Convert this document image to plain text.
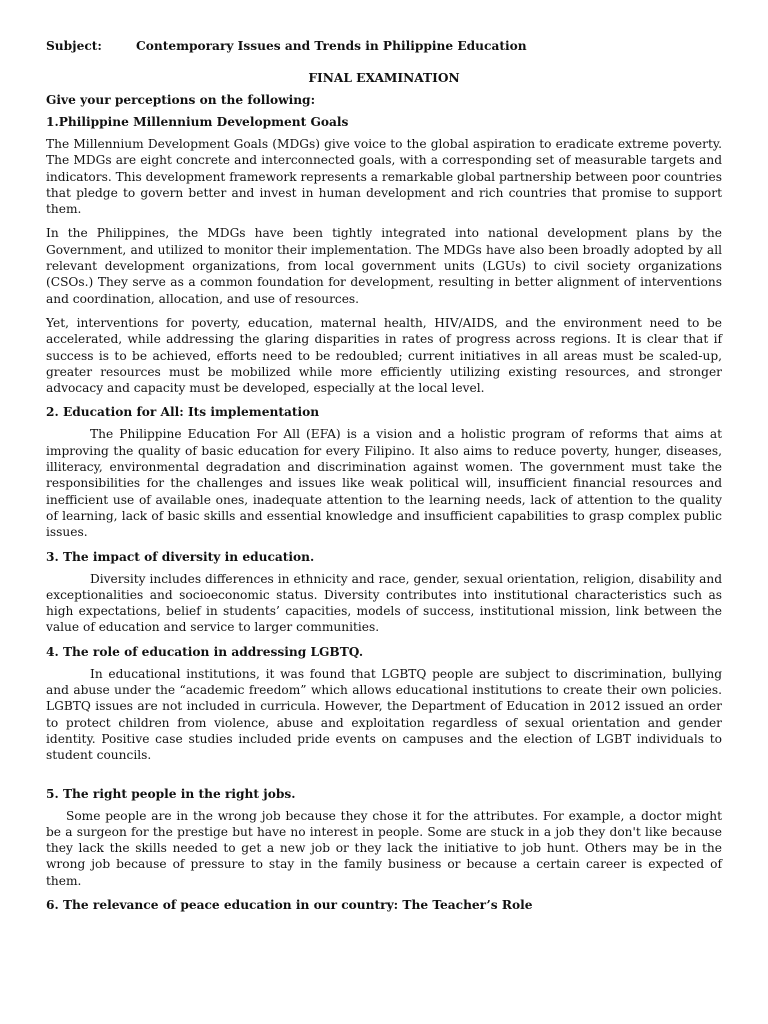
Subject:	Contemporary Issues and Trends in Philippine Education
FINAL EXAMINATION
Give your perceptions on the following:
1.Philippine Millennium Development Goals

The Millennium Development Goals (MDGs) give voice to the global aspiration to eradicate extreme poverty. The MDGs are eight concrete and interconnected goals, with a corresponding set of measurable targets and indicators. This development framework represents a remarkable global partnership between poor countries that pledge to govern better and invest in human development and rich countries that promise to support them.

In the Philippines, the MDGs have been tightly integrated into national development plans by the Government, and utilized to monitor their implementation. The MDGs have also been broadly adopted by all relevant development organizations, from local government units (LGUs) to civil society organizations (CSOs.) They serve as a common foundation for development, resulting in better alignment of interventions and coordination, allocation, and use of resources.

Yet, interventions for poverty, education, maternal health, HIV/AIDS, and the environment need to be accelerated, while addressing the glaring disparities in rates of progress across regions. It is clear that if success is to be achieved, efforts need to be redoubled; current initiatives in all areas must be scaled-up, greater resources must be mobilized while more efficiently utilizing existing resources, and stronger advocacy and capacity must be developed, especially at the local level.

2. Education for All: Its implementation

The Philippine Education For All (EFA) is a vision and a holistic program of reforms that aims at improving the quality of basic education for every Filipino. It also aims to reduce poverty, hunger, diseases, illiteracy, environmental degradation and discrimination against women. The government must take the responsibilities for the challenges and issues like weak political will, insufficient financial resources and inefficient use of available ones, inadequate attention to the learning needs, lack of attention to the quality of learning, lack of basic skills and essential knowledge and insufficient capabilities to grasp complex public issues.

3. The impact of diversity in education.

Diversity includes differences in ethnicity and race, gender, sexual orientation, religion, disability and exceptionalities and socioeconomic status. Diversity contributes into institutional characteristics such as high expectations, belief in students’ capacities, models of success, institutional mission, link between the value of education and service to larger communities.

4. The role of education in addressing LGBTQ.

In educational institutions, it was found that LGBTQ people are subject to discrimination, bullying and abuse under the “academic freedom” which allows educational institutions to create their own policies. LGBTQ issues are not included in curricula. However, the Department of Education in 2012 issued an order to protect children from violence, abuse and exploitation regardless of sexual orientation and gender identity. Positive case studies included pride events on campuses and the election of LGBT individuals to student councils.

5. The right people in the right jobs.

Some people are in the wrong job because they chose it for the attributes. For example, a doctor might be a surgeon for the prestige but have no interest in people. Some are stuck in a job they don't like because they lack the skills needed to get a new job or they lack the initiative to job hunt. Others may be in the wrong job because of pressure to stay in the family business or because a certain career is expected of them.

6. The relevance of peace education in our country: The Teacher’s Role
